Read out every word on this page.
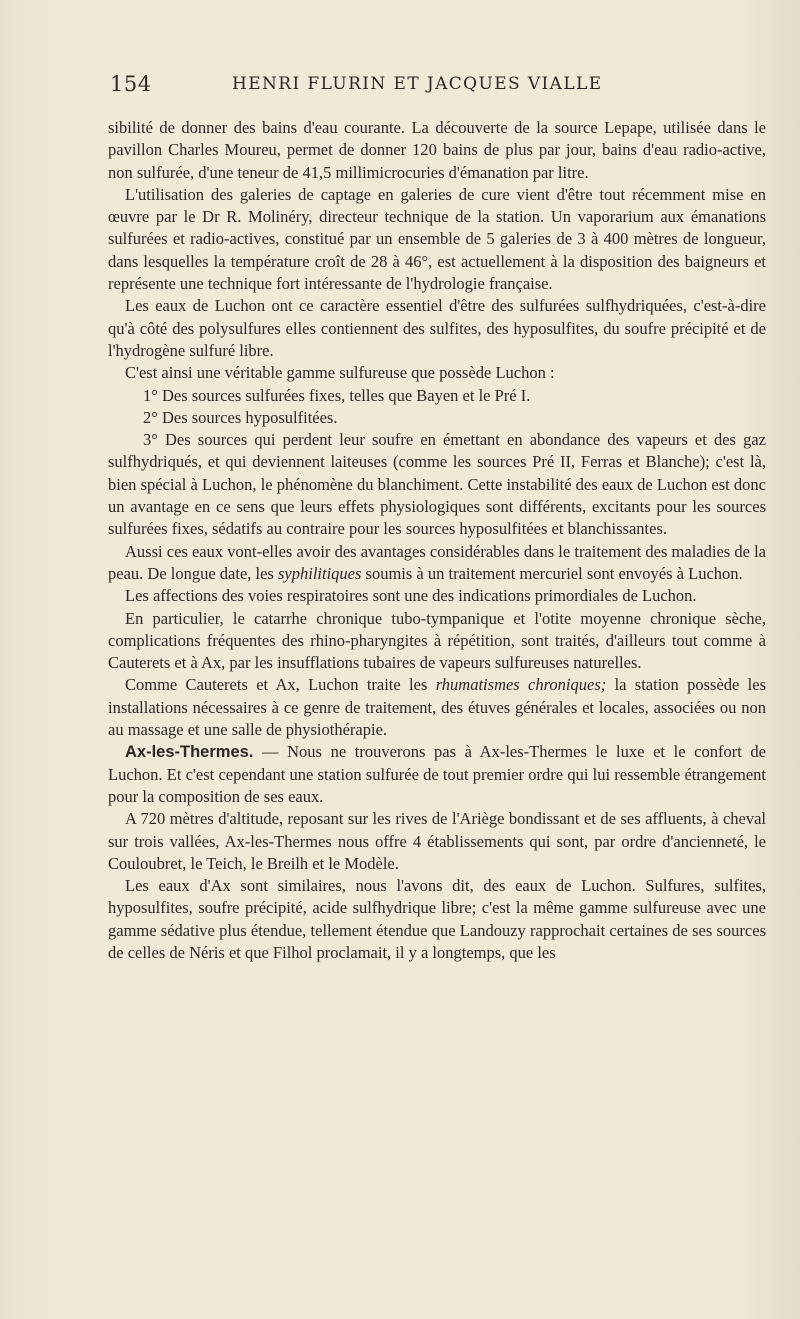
154	HENRI FLURIN ET JACQUES VIALLE

sibilité de donner des bains d'eau courante. La découverte de la source Lepape, utilisée dans le pavillon Charles Moureu, permet de donner 120 bains de plus par jour, bains d'eau radio-active, non sulfurée, d'une teneur de 41,5 millimicrocuries d'émanation par litre.

L'utilisation des galeries de captage en galeries de cure vient d'être tout récemment mise en œuvre par le Dr R. Molinéry, directeur technique de la station. Un vaporarium aux émanations sulfurées et radio-actives, constitué par un ensemble de 5 galeries de 3 à 400 mètres de longueur, dans lesquelles la température croît de 28 à 46°, est actuellement à la disposition des baigneurs et représente une technique fort intéressante de l'hydrologie française.

Les eaux de Luchon ont ce caractère essentiel d'être des sulfurées sulfhydriquées, c'est-à-dire qu'à côté des polysulfures elles contiennent des sulfites, des hyposulfites, du soufre précipité et de l'hydrogène sulfuré libre.

C'est ainsi une véritable gamme sulfureuse que possède Luchon :

1° Des sources sulfurées fixes, telles que Bayen et le Pré I.

2° Des sources hyposulfitées.

3° Des sources qui perdent leur soufre en émettant en abondance des vapeurs et des gaz sulfhydriqués, et qui deviennent laiteuses (comme les sources Pré II, Ferras et Blanche); c'est là, bien spécial à Luchon, le phénomène du blanchiment. Cette instabilité des eaux de Luchon est donc un avantage en ce sens que leurs effets physiologiques sont différents, excitants pour les sources sulfurées fixes, sédatifs au contraire pour les sources hyposulfitées et blanchissantes.

Aussi ces eaux vont-elles avoir des avantages considérables dans le traitement des maladies de la peau. De longue date, les syphilitiques soumis à un traitement mercuriel sont envoyés à Luchon.

Les affections des voies respiratoires sont une des indications primordiales de Luchon.

En particulier, le catarrhe chronique tubo-tympanique et l'otite moyenne chronique sèche, complications fréquentes des rhino-pharyngites à répétition, sont traités, d'ailleurs tout comme à Cauterets et à Ax, par les insufflations tubaires de vapeurs sulfureuses naturelles.

Comme Cauterets et Ax, Luchon traite les rhumatismes chroniques; la station possède les installations nécessaires à ce genre de traitement, des étuves générales et locales, associées ou non au massage et une salle de physiothérapie.

Ax-les-Thermes. — Nous ne trouverons pas à Ax-les-Thermes le luxe et le confort de Luchon. Et c'est cependant une station sulfurée de tout premier ordre qui lui ressemble étrangement pour la composition de ses eaux.

A 720 mètres d'altitude, reposant sur les rives de l'Ariège bondissant et de ses affluents, à cheval sur trois vallées, Ax-les-Thermes nous offre 4 établissements qui sont, par ordre d'ancienneté, le Couloubret, le Teich, le Breilh et le Modèle.

Les eaux d'Ax sont similaires, nous l'avons dit, des eaux de Luchon. Sulfures, sulfites, hyposulfites, soufre précipité, acide sulfhydrique libre; c'est la même gamme sulfureuse avec une gamme sédative plus étendue, tellement étendue que Landouzy rapprochait certaines de ses sources de celles de Néris et que Filhol proclamait, il y a longtemps, que les
